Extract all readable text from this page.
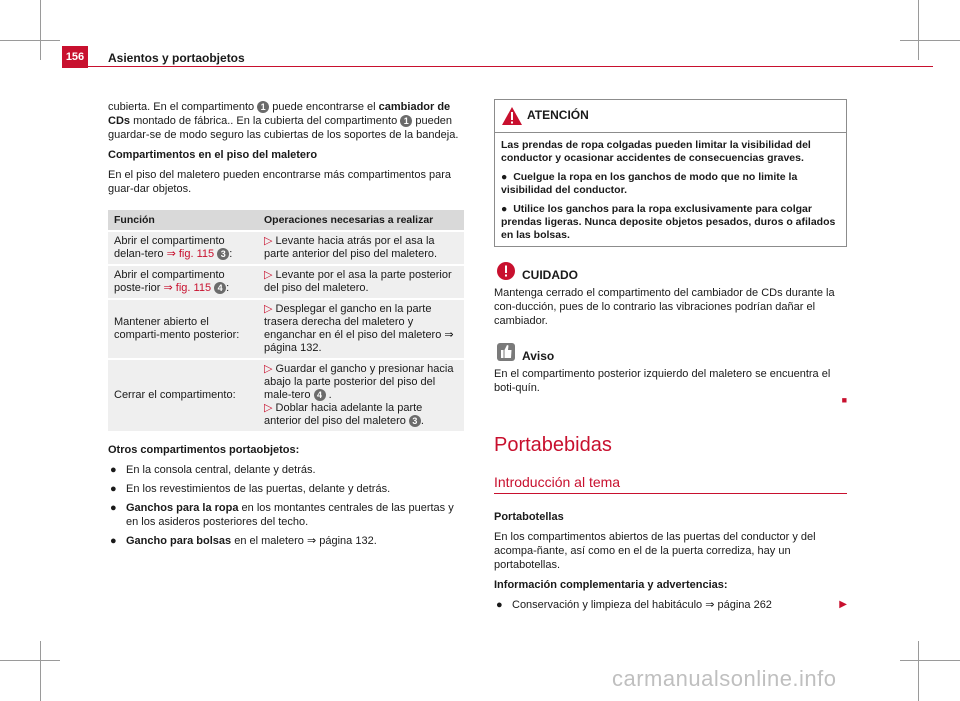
156	Asientos y portaobjetos

cubierta. En el compartimento 1 puede encontrarse el cambiador de CDs montado de fábrica.. En la cubierta del compartimento 1 pueden guardar-se de modo seguro las cubiertas de los soportes de la bandeja.

Compartimentos en el piso del maletero

En el piso del maletero pueden encontrarse más compartimentos para guar-dar objetos.

Función	Operaciones necesarias a realizar
Abrir el compartimento delan-tero ⇒ fig. 115 3 :	▷ Levante hacia atrás por el asa la parte anterior del piso del maletero.
Abrir el compartimento poste-rior ⇒ fig. 115 4 :	▷ Levante por el asa la parte posterior del piso del maletero.
Mantener abierto el comparti-mento posterior:	▷ Desplegar el gancho en la parte trasera derecha del maletero y enganchar en él el piso del maletero ⇒ página 132.
Cerrar el compartimento:	▷ Guardar el gancho y presionar hacia abajo la parte posterior del piso del male-tero 4 .
▷ Doblar hacia adelante la parte anterior del piso del maletero 3 .

Otros compartimentos portaobjetos:

● En la consola central, delante y detrás.
● En los revestimientos de las puertas, delante y detrás.
● Ganchos para la ropa en los montantes centrales de las puertas y en los asideros posteriores del techo.
● Gancho para bolsas en el maletero ⇒ página 132.
ATENCIÓN

Las prendas de ropa colgadas pueden limitar la visibilidad del conductor y ocasionar accidentes de consecuencias graves.

● Cuelgue la ropa en los ganchos de modo que no limite la visibilidad del conductor.

● Utilice los ganchos para la ropa exclusivamente para colgar prendas ligeras. Nunca deposite objetos pesados, duros o afilados en las bolsas.

CUIDADO

Mantenga cerrado el compartimento del cambiador de CDs durante la con-ducción, pues de lo contrario las vibraciones podrían dañar el cambiador.

Aviso

En el compartimento posterior izquierdo del maletero se encuentra el boti-quín.

■
Portabebidas
Introducción al tema

Portabotellas

En los compartimentos abiertos de las puertas del conductor y del acompa-ñante, así como en el de la puerta corrediza, hay un portabotellas.

Información complementaria y advertencias:

● Conservación y limpieza del habitáculo ⇒ página 262	▶
carmanualsonline.info
